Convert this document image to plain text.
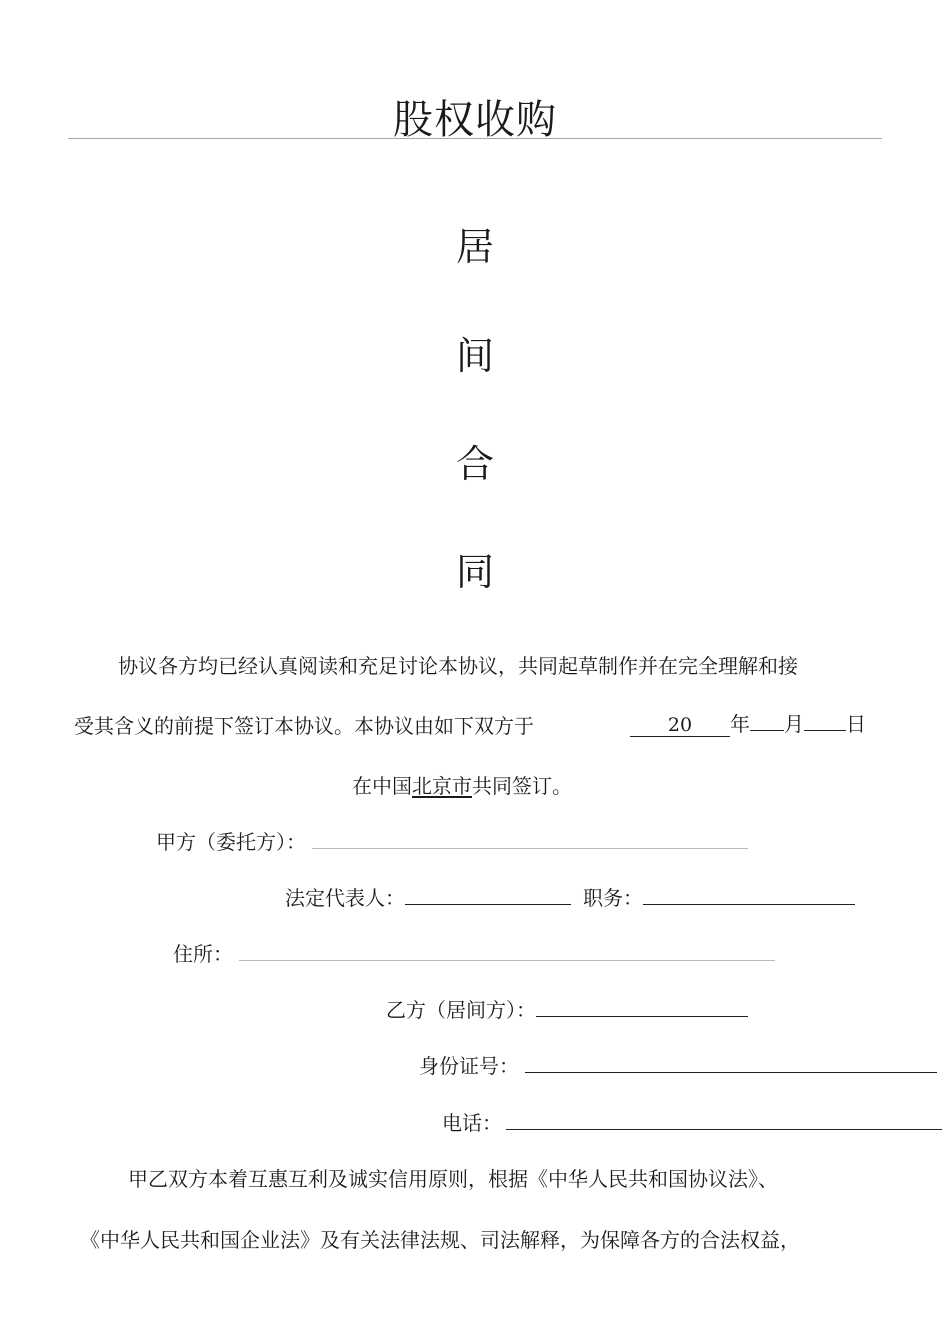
股权收购
居
间
合
同
协议各方均已经认真阅读和充足讨论本协议，共同起草制作并在完全理解和接
受其含义的前提下签订本协议。本协议由如下双方于	20 年 月 日
在中国北京市共同签订。
甲方（委托方）：
法定代表人：	职务：
住所：
乙方（居间方）：
身份证号：
电话：
甲乙双方本着互惠互利及诚实信用原则，根据《中华人民共和国协议法》、
《中华人民共和国企业法》及有关法律法规、司法解释，为保障各方的合法权益，
